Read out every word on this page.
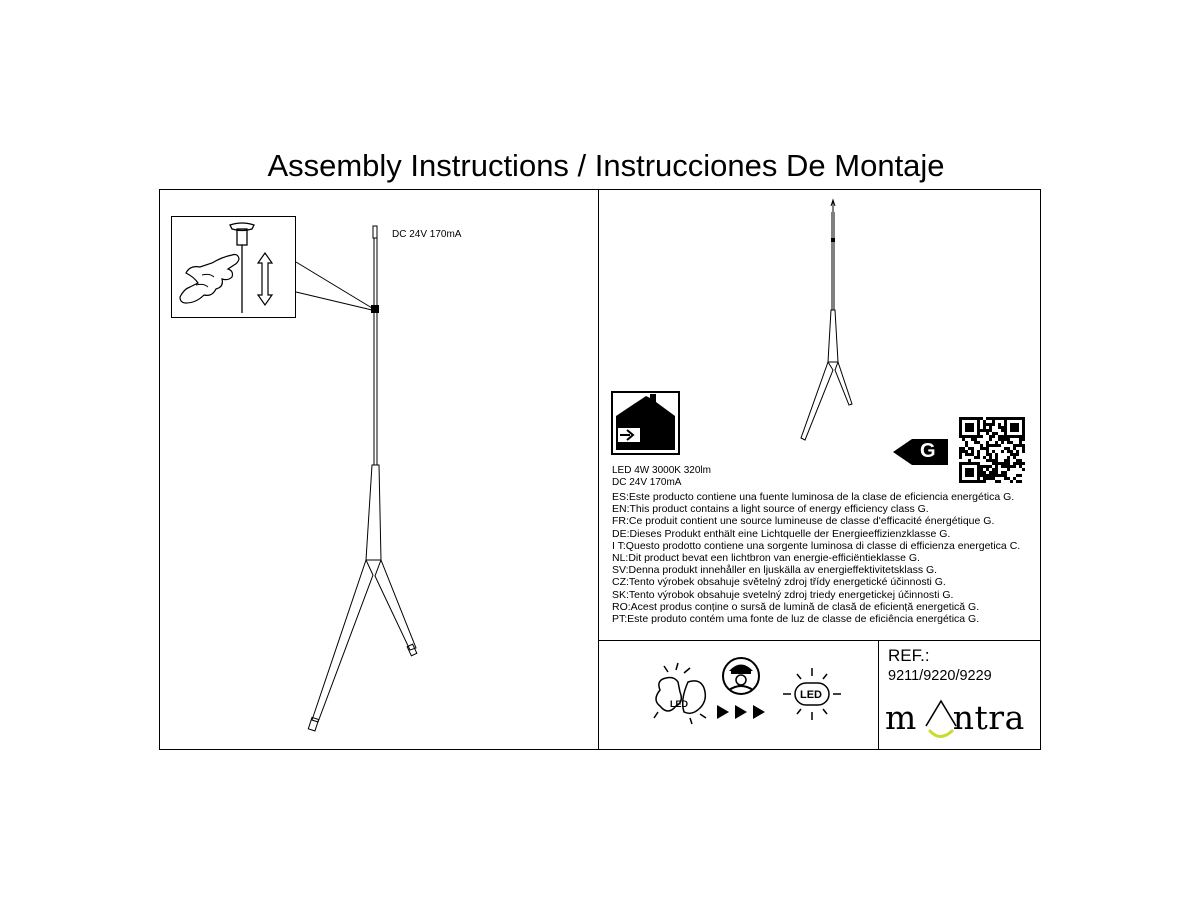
Assembly Instructions / Instrucciones De Montaje
DC 24V 170mA
LED
LED
G
LED 4W 3000K 320lm
DC 24V 170mA
ES:Este producto contiene una fuente luminosa de la clase de eficiencia energética G.
EN:This product contains a light source of energy efficiency class G.
FR:Ce produit contient une source lumineuse de classe d'efficacité énergétique G.
DE:Dieses Produkt enthält eine Lichtquelle der Energieeffizienzklasse G.
I T:Questo prodotto contiene una sorgente luminosa di classe di efficienza energetica C.
NL:Dit product bevat een lichtbron van energie-efficiëntieklasse G.
SV:Denna produkt innehåller en ljuskälla av energieffektivitetsklass G.
CZ:Tento výrobek obsahuje světelný zdroj třídy energetické účinnosti G.
SK:Tento výrobok obsahuje svetelný zdroj triedy energetickej účinnosti G.
RO:Acest produs conține o sursă de lumină de clasă de eficiență energetică G.
PT:Este produto contém uma fonte de luz de classe de eficiência energética G.
REF.:
9211/9220/9229
m ntra
